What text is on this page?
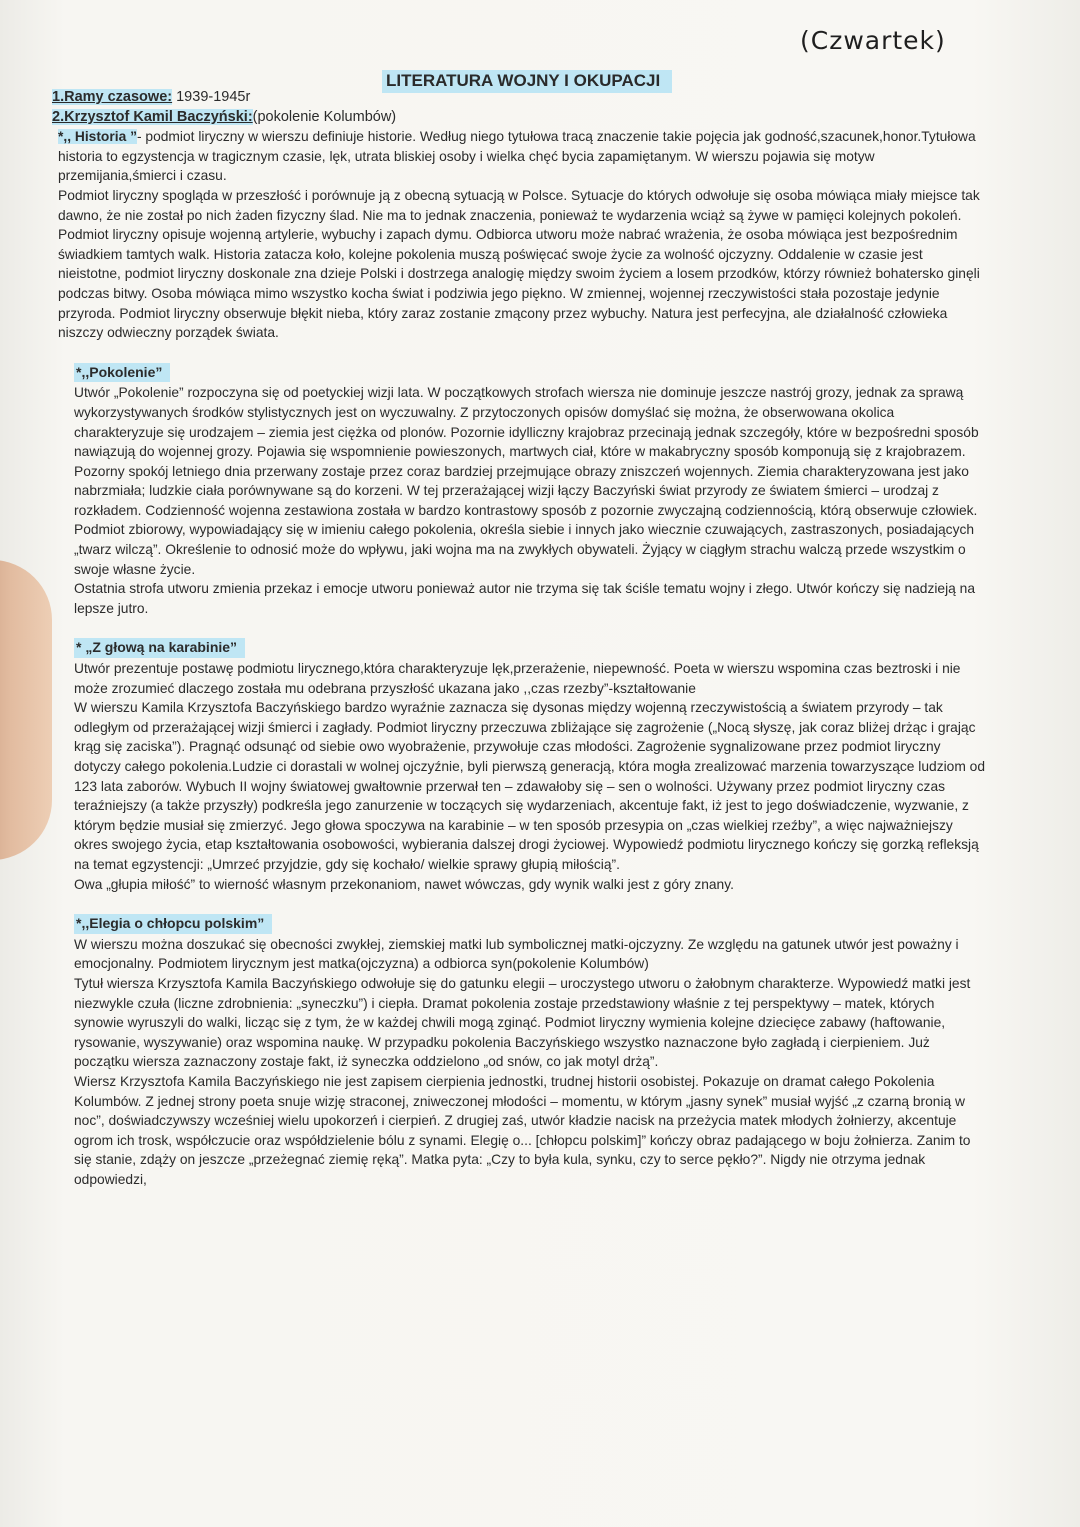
(Czwartek)
LITERATURA WOJNY I OKUPACJI

1.Ramy czasowe: 1939-1945r

2.Krzysztof Kamil Baczyński:(pokolenie Kolumbów)

*,, Historia ”- podmiot liryczny w wierszu definiuje historie. Według niego tytułowa tracą znaczenie takie pojęcia jak godność,szacunek,honor.Tytułowa historia to egzystencja w tragicznym czasie, lęk, utrata bliskiej osoby i wielka chęć bycia zapamiętanym. W wierszu pojawia się motyw przemijania,śmierci i czasu.

Podmiot liryczny spogląda w przeszłość i porównuje ją z obecną sytuacją w Polsce. Sytuacje do których odwołuje się osoba mówiąca miały miejsce tak dawno, że nie został po nich żaden fizyczny ślad. Nie ma to jednak znaczenia, ponieważ te wydarzenia wciąż są żywe w pamięci kolejnych pokoleń. Podmiot liryczny opisuje wojenną artylerie, wybuchy i zapach dymu. Odbiorca utworu może nabrać wrażenia, że osoba mówiąca jest bezpośrednim świadkiem tamtych walk. Historia zatacza koło, kolejne pokolenia muszą poświęcać swoje życie za wolność ojczyzny. Oddalenie w czasie jest nieistotne, podmiot liryczny doskonale zna dzieje Polski i dostrzega analogię między swoim życiem a losem przodków, którzy również bohatersko ginęli podczas bitwy. Osoba mówiąca mimo wszystko kocha świat i podziwia jego piękno. W zmiennej, wojennej rzeczywistości stała pozostaje jedynie przyroda. Podmiot liryczny obserwuje błękit nieba, który zaraz zostanie zmącony przez wybuchy. Natura jest perfecyjna, ale działalność człowieka niszczy odwieczny porządek świata.

*,,Pokolenie”

Utwór „Pokolenie” rozpoczyna się od poetyckiej wizji lata. W początkowych strofach wiersza nie dominuje jeszcze nastrój grozy, jednak za sprawą wykorzystywanych środków stylistycznych jest on wyczuwalny. Z przytoczonych opisów domyślać się można, że obserwowana okolica charakteryzuje się urodzajem – ziemia jest ciężka od plonów. Pozornie idylliczny krajobraz przecinają jednak szczegóły, które w bezpośredni sposób nawiązują do wojennej grozy. Pojawia się wspomnienie powieszonych, martwych ciał, które w makabryczny sposób komponują się z krajobrazem. Pozorny spokój letniego dnia przerwany zostaje przez coraz bardziej przejmujące obrazy zniszczeń wojennych. Ziemia charakteryzowana jest jako nabrzmiała; ludzkie ciała porównywane są do korzeni. W tej przerażającej wizji łączy Baczyński świat przyrody ze światem śmierci – urodzaj z rozkładem. Codzienność wojenna zestawiona została w bardzo kontrastowy sposób z pozornie zwyczajną codziennością, którą obserwuje człowiek. Podmiot zbiorowy, wypowiadający się w imieniu całego pokolenia, określa siebie i innych jako wiecznie czuwających, zastraszonych, posiadających „twarz wilczą”. Określenie to odnosić może do wpływu, jaki wojna ma na zwykłych obywateli. Żyjący w ciągłym strachu walczą przede wszystkim o swoje własne życie.

Ostatnia strofa utworu zmienia przekaz i emocje utworu ponieważ autor nie trzyma się tak ściśle tematu wojny i złego. Utwór kończy się nadzieją na lepsze jutro.

* „Z głową na karabinie”

Utwór prezentuje postawę podmiotu lirycznego,która charakteryzuje lęk,przerażenie, niepewność. Poeta w wierszu wspomina czas beztroski i nie może zrozumieć dlaczego została mu odebrana przyszłość ukazana jako ,,czas rzezby”-kształtowanie

W wierszu Kamila Krzysztofa Baczyńskiego bardzo wyraźnie zaznacza się dysonas między wojenną rzeczywistością a światem przyrody – tak odległym od przerażającej wizji śmierci i zagłady. Podmiot liryczny przeczuwa zbliżające się zagrożenie („Nocą słyszę, jak coraz bliżej drżąc i grając krąg się zaciska”). Pragnąć odsunąć od siebie owo wyobrażenie, przywołuje czas młodości. Zagrożenie sygnalizowane przez podmiot liryczny dotyczy całego pokolenia.Ludzie ci dorastali w wolnej ojczyźnie, byli pierwszą generacją, która mogła zrealizować marzenia towarzyszące ludziom od 123 lata zaborów. Wybuch II wojny światowej gwałtownie przerwał ten – zdawałoby się – sen o wolności. Używany przez podmiot liryczny czas teraźniejszy (a także przyszły) podkreśla jego zanurzenie w toczących się wydarzeniach, akcentuje fakt, iż jest to jego doświadczenie, wyzwanie, z którym będzie musiał się zmierzyć. Jego głowa spoczywa na karabinie – w ten sposób przesypia on „czas wielkiej rzeźby”, a więc najważniejszy okres swojego życia, etap kształtowania osobowości, wybierania dalszej drogi życiowej. Wypowiedź podmiotu lirycznego kończy się gorzką refleksją na temat egzystencji: „Umrzeć przyjdzie, gdy się kochało/ wielkie sprawy głupią miłością”.

Owa „głupia miłość” to wierność własnym przekonaniom, nawet wówczas, gdy wynik walki jest z góry znany.

*,,Elegia o chłopcu polskim”

W wierszu można doszukać się obecności zwykłej, ziemskiej matki lub symbolicznej matki-ojczyzny. Ze względu na gatunek utwór jest poważny i emocjonalny. Podmiotem lirycznym jest matka(ojczyzna) a odbiorca syn(pokolenie Kolumbów)

Tytuł wiersza Krzysztofa Kamila Baczyńskiego odwołuje się do gatunku elegii – uroczystego utworu o żałobnym charakterze. Wypowiedź matki jest niezwykle czuła (liczne zdrobnienia: „syneczku”) i ciepła. Dramat pokolenia zostaje przedstawiony właśnie z tej perspektywy – matek, których synowie wyruszyli do walki, licząc się z tym, że w każdej chwili mogą zginąć. Podmiot liryczny wymienia kolejne dziecięce zabawy (haftowanie, rysowanie, wyszywanie) oraz wspomina naukę. W przypadku pokolenia Baczyńskiego wszystko naznaczone było zagładą i cierpieniem. Już początku wiersza zaznaczony zostaje fakt, iż syneczka oddzielono „od snów, co jak motyl drżą”.

Wiersz Krzysztofa Kamila Baczyńskiego nie jest zapisem cierpienia jednostki, trudnej historii osobistej. Pokazuje on dramat całego Pokolenia Kolumbów. Z jednej strony poeta snuje wizję straconej, zniweczonej młodości – momentu, w którym „jasny synek” musiał wyjść „z czarną bronią w noc”, doświadczywszy wcześniej wielu upokorzeń i cierpień. Z drugiej zaś, utwór kładzie nacisk na przeżycia matek młodych żołnierzy, akcentuje ogrom ich trosk, współczucie oraz współdzielenie bólu z synami. Elegię o... [chłopcu polskim]” kończy obraz padającego w boju żołnierza. Zanim to się stanie, zdąży on jeszcze „przeżegnać ziemię ręką”. Matka pyta: „Czy to była kula, synku, czy to serce pękło?”. Nigdy nie otrzyma jednak odpowiedzi,
